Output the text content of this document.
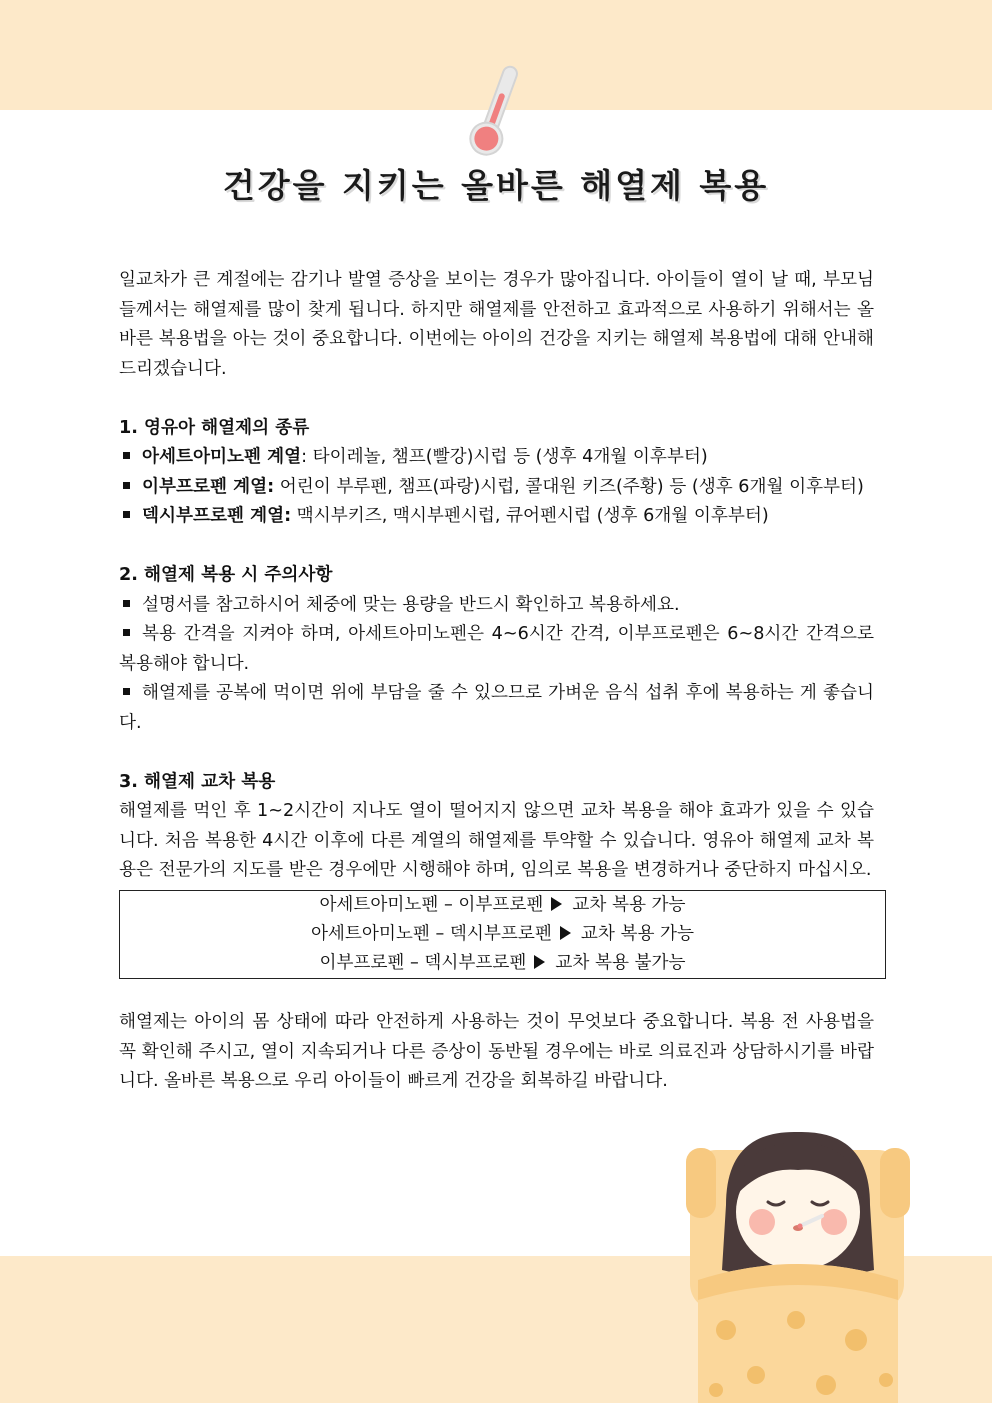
건강을 지키는 올바른 해열제 복용

일교차가 큰 계절에는 감기나 발열 증상을 보이는 경우가 많아집니다. 아이들이 열이 날 때, 부모님들께서는 해열제를 많이 찾게 됩니다. 하지만 해열제를 안전하고 효과적으로 사용하기 위해서는 올바른 복용법을 아는 것이 중요합니다. 이번에는 아이의 건강을 지키는 해열제 복용법에 대해 안내해 드리겠습니다.

1. 영유아 해열제의 종류

아세트아미노펜 계열: 타이레놀, 챔프(빨강)시럽 등 (생후 4개월 이후부터)

이부프로펜 계열: 어린이 부루펜, 챔프(파랑)시럽, 콜대원 키즈(주황) 등 (생후 6개월 이후부터)

덱시부프로펜 계열: 맥시부키즈, 맥시부펜시럽, 큐어펜시럽 (생후 6개월 이후부터)

2. 해열제 복용 시 주의사항

설명서를 참고하시어 체중에 맞는 용량을 반드시 확인하고 복용하세요.

복용 간격을 지켜야 하며, 아세트아미노펜은 4~6시간 간격, 이부프로펜은 6~8시간 간격으로 복용해야 합니다.

해열제를 공복에 먹이면 위에 부담을 줄 수 있으므로 가벼운 음식 섭취 후에 복용하는 게 좋습니다.

3. 해열제 교차 복용

해열제를 먹인 후 1~2시간이 지나도 열이 떨어지지 않으면 교차 복용을 해야 효과가 있을 수 있습니다. 처음 복용한 4시간 이후에 다른 계열의 해열제를 투약할 수 있습니다. 영유아 해열제 교차 복용은 전문가의 지도를 받은 경우에만 시행해야 하며, 임의로 복용을 변경하거나 중단하지 마십시오.

아세트아미노펜 – 이부프로펜 교차 복용 가능
아세트아미노펜 – 덱시부프로펜 교차 복용 가능
이부프로펜 – 덱시부프로펜 교차 복용 불가능

해열제는 아이의 몸 상태에 따라 안전하게 사용하는 것이 무엇보다 중요합니다. 복용 전 사용법을 꼭 확인해 주시고, 열이 지속되거나 다른 증상이 동반될 경우에는 바로 의료진과 상담하시기를 바랍니다. 올바른 복용으로 우리 아이들이 빠르게 건강을 회복하길 바랍니다.
